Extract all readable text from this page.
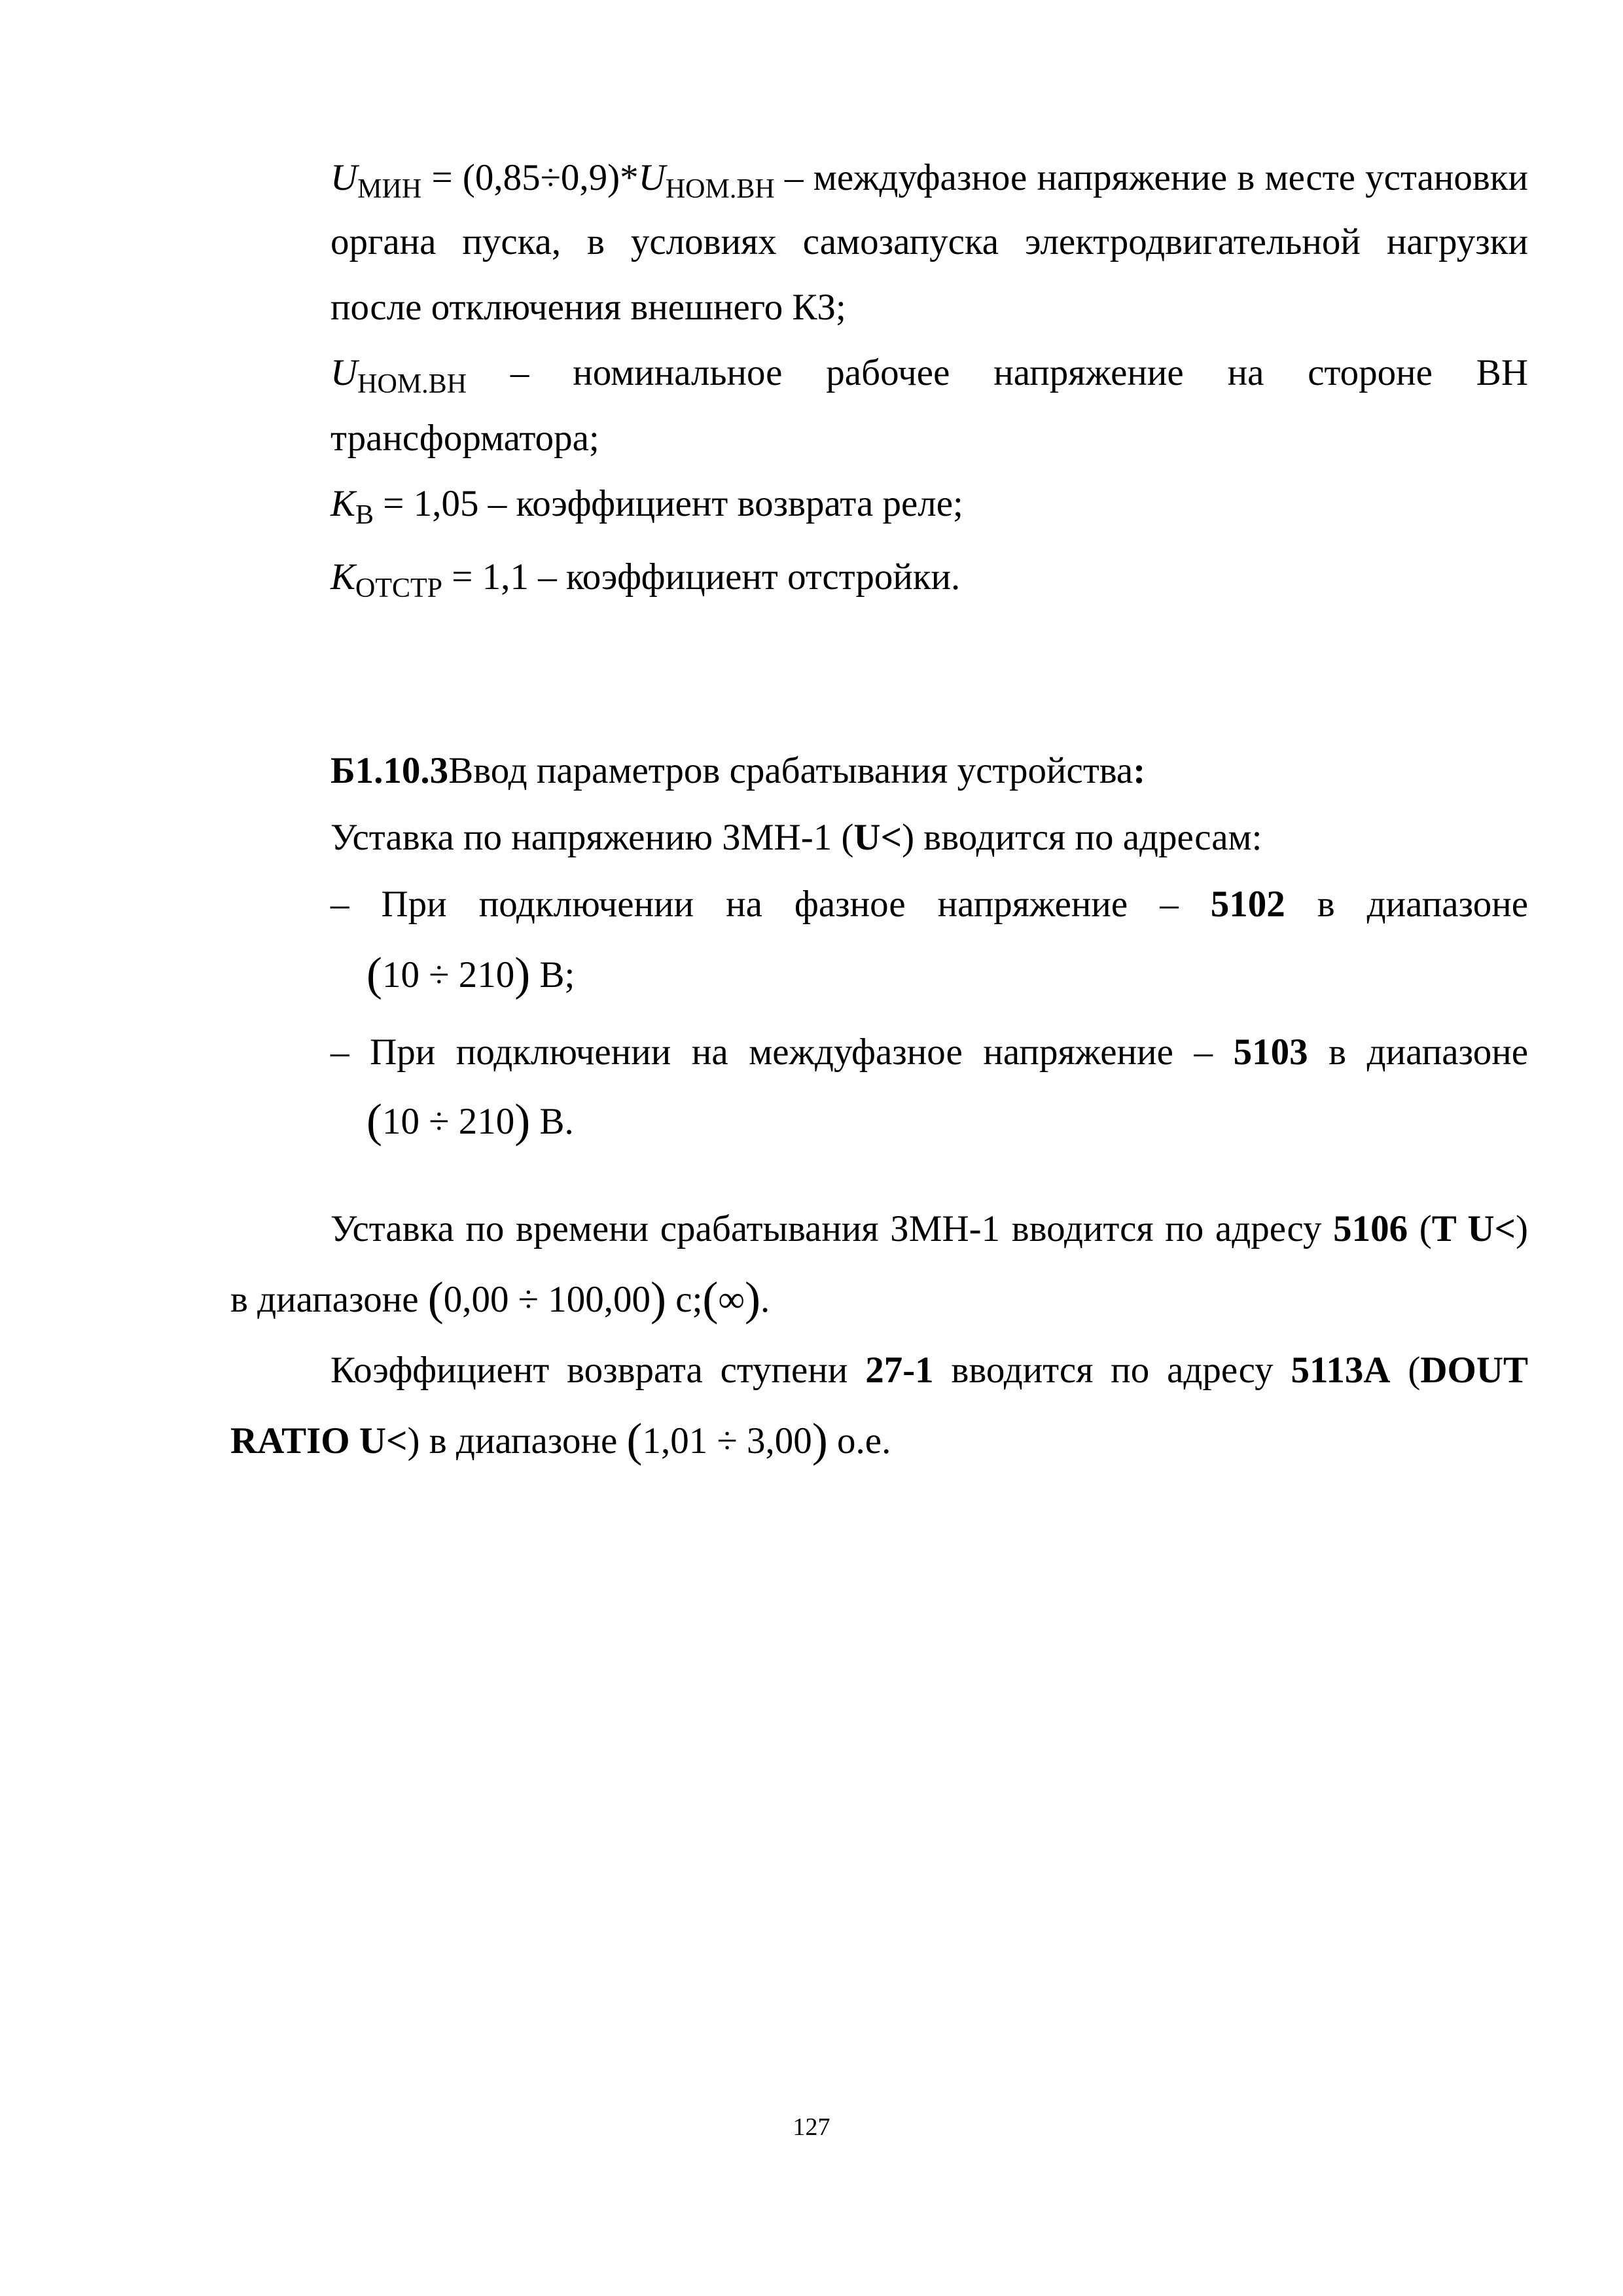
$U_{МИН} = (0,85\div 0,9)*U_{НОМ.ВН}$ – междуфазное напряжение в месте установки
органа пуска, в условиях самозапуска электродвигательной нагрузки
после отключения внешнего КЗ;
$U_{НОМ.ВН}$ – номинальное рабочее напряжение на стороне ВН
трансформатора;
$K_В = 1,05$ – коэффициент возврата реле;
$K_{ОТСТР} = 1,1$ – коэффициент отстройки.
Б1.10.3Ввод параметров срабатывания устройства:
Уставка по напряжению ЗМН-1 (U<) вводится по адресам:
– При подключении на фазное напряжение – 5102 в диапазоне
(10 ÷ 210) В;
– При подключении на междуфазное напряжение – 5103 в диапазоне
(10 ÷ 210) В.
Уставка по времени срабатывания ЗМН-1 вводится по адресу 5106 (T U<)
в диапазоне (0,00 ÷ 100,00) с;(∞).
Коэффициент возврата ступени 27-1 вводится по адресу 5113А (DOUT
RATIO U<) в диапазоне (1,01 ÷ 3,00) о.е.
127
